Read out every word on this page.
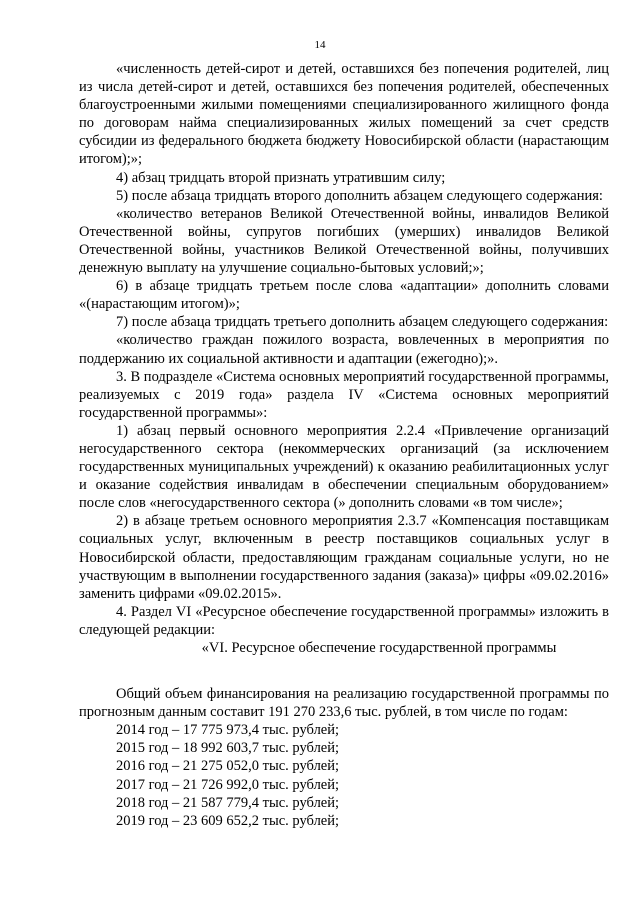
14

«численность детей-сирот и детей, оставшихся без попечения родителей, лиц из числа детей-сирот и детей, оставшихся без попечения родителей, обеспеченных благоустроенными жилыми помещениями специализированного жилищного фонда по договорам найма специализированных жилых помещений за счет средств субсидии из федерального бюджета бюджету Новосибирской области (нарастающим итогом);»;

4) абзац тридцать второй признать утратившим силу;

5) после абзаца тридцать второго дополнить абзацем следующего содержания:

«количество ветеранов Великой Отечественной войны, инвалидов Великой Отечественной войны, супругов погибших (умерших) инвалидов Великой Отечественной войны, участников Великой Отечественной войны, получивших денежную выплату на улучшение социально-бытовых условий;»;

6) в абзаце тридцать третьем после слова «адаптации» дополнить словами «(нарастающим итогом)»;

7) после абзаца тридцать третьего дополнить абзацем следующего содержания:

«количество граждан пожилого возраста, вовлеченных в мероприятия по поддержанию их социальной активности и адаптации (ежегодно);».

3. В подразделе «Система основных мероприятий государственной программы, реализуемых с 2019 года» раздела IV «Система основных мероприятий государственной программы»:

1) абзац первый основного мероприятия 2.2.4 «Привлечение организаций негосударственного сектора (некоммерческих организаций (за исключением государственных муниципальных учреждений) к оказанию реабилитационных услуг и оказание содействия инвалидам в обеспечении специальным оборудованием» после слов «негосударственного сектора (» дополнить словами «в том числе»;

2) в абзаце третьем основного мероприятия 2.3.7 «Компенсация поставщикам социальных услуг, включенным в реестр поставщиков социальных услуг в Новосибирской области, предоставляющим гражданам социальные услуги, но не участвующим в выполнении государственного задания (заказа)» цифры «09.02.2016» заменить цифрами «09.02.2015».

4. Раздел VI «Ресурсное обеспечение государственной программы» изложить в следующей редакции:

«VI. Ресурсное обеспечение государственной программы

Общий объем финансирования на реализацию государственной программы по прогнозным данным составит 191 270 233,6 тыс. рублей, в том числе по годам:

2014 год – 17 775 973,4 тыс. рублей;

2015 год – 18 992 603,7 тыс. рублей;

2016 год – 21 275 052,0 тыс. рублей;

2017 год – 21 726 992,0 тыс. рублей;

2018 год – 21 587 779,4 тыс. рублей;

2019 год – 23 609 652,2 тыс. рублей;
